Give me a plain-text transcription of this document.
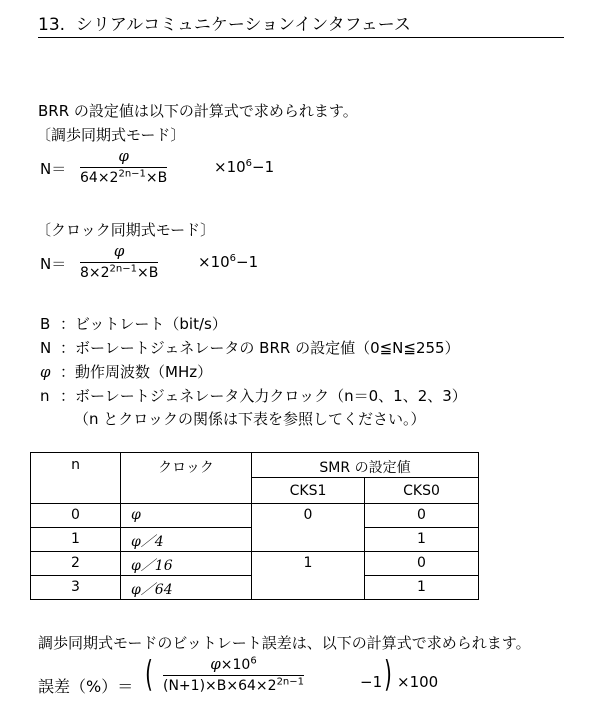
13. シリアルコミュニケーションインタフェース
BRR の設定値は以下の計算式で求められます。
〔調歩同期式モード〕
N＝
φ
$64\times 2^{2n-1}\times B$
$\times 10^6-1$
〔クロック同期式モード〕
N＝
φ
$8\times 2^{2n-1}\times B$
$\times 10^6-1$
B ：ビットレート（bit/s）
N ：ボーレートジェネレータの BRR の設定値（0≦N≦255）
φ ：動作周波数（MHz）
n ：ボーレートジェネレータ入力クロック（n＝0、1、2、3）
（n とクロックの関係は下表を参照してください。）
n	クロック	SMR の設定値	
		CKS1	CKS0
0	φ	0	0
1	φ／4		1
2	φ／16	1	0
3	φ／64		1
調歩同期式モードのビットレート誤差は、以下の計算式で求められます。
誤差（%）＝ (	$\varphi\times 10^6$
$(N+1)\times B\times 64\times 2^{2n-1}$	−1 ) ×100
